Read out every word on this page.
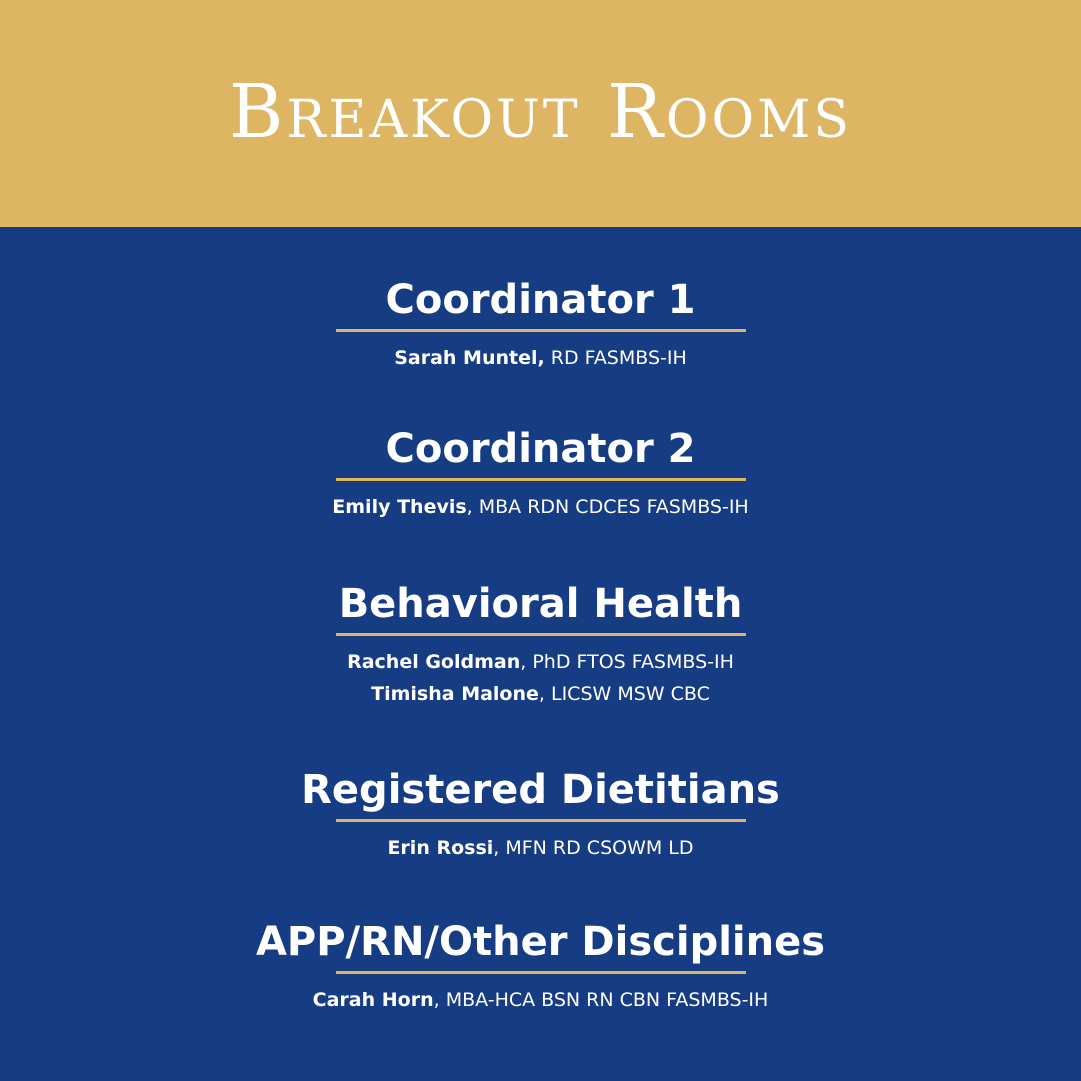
Breakout Rooms
Coordinator 1
Sarah Muntel, RD FASMBS-IH
Coordinator 2
Emily Thevis, MBA RDN CDCES FASMBS-IH
Behavioral Health
Rachel Goldman, PhD FTOS FASMBS-IH
Timisha Malone, LICSW MSW CBC
Registered Dietitians
Erin Rossi, MFN RD CSOWM LD
APP/RN/Other Disciplines
Carah Horn, MBA-HCA BSN RN CBN FASMBS-IH
